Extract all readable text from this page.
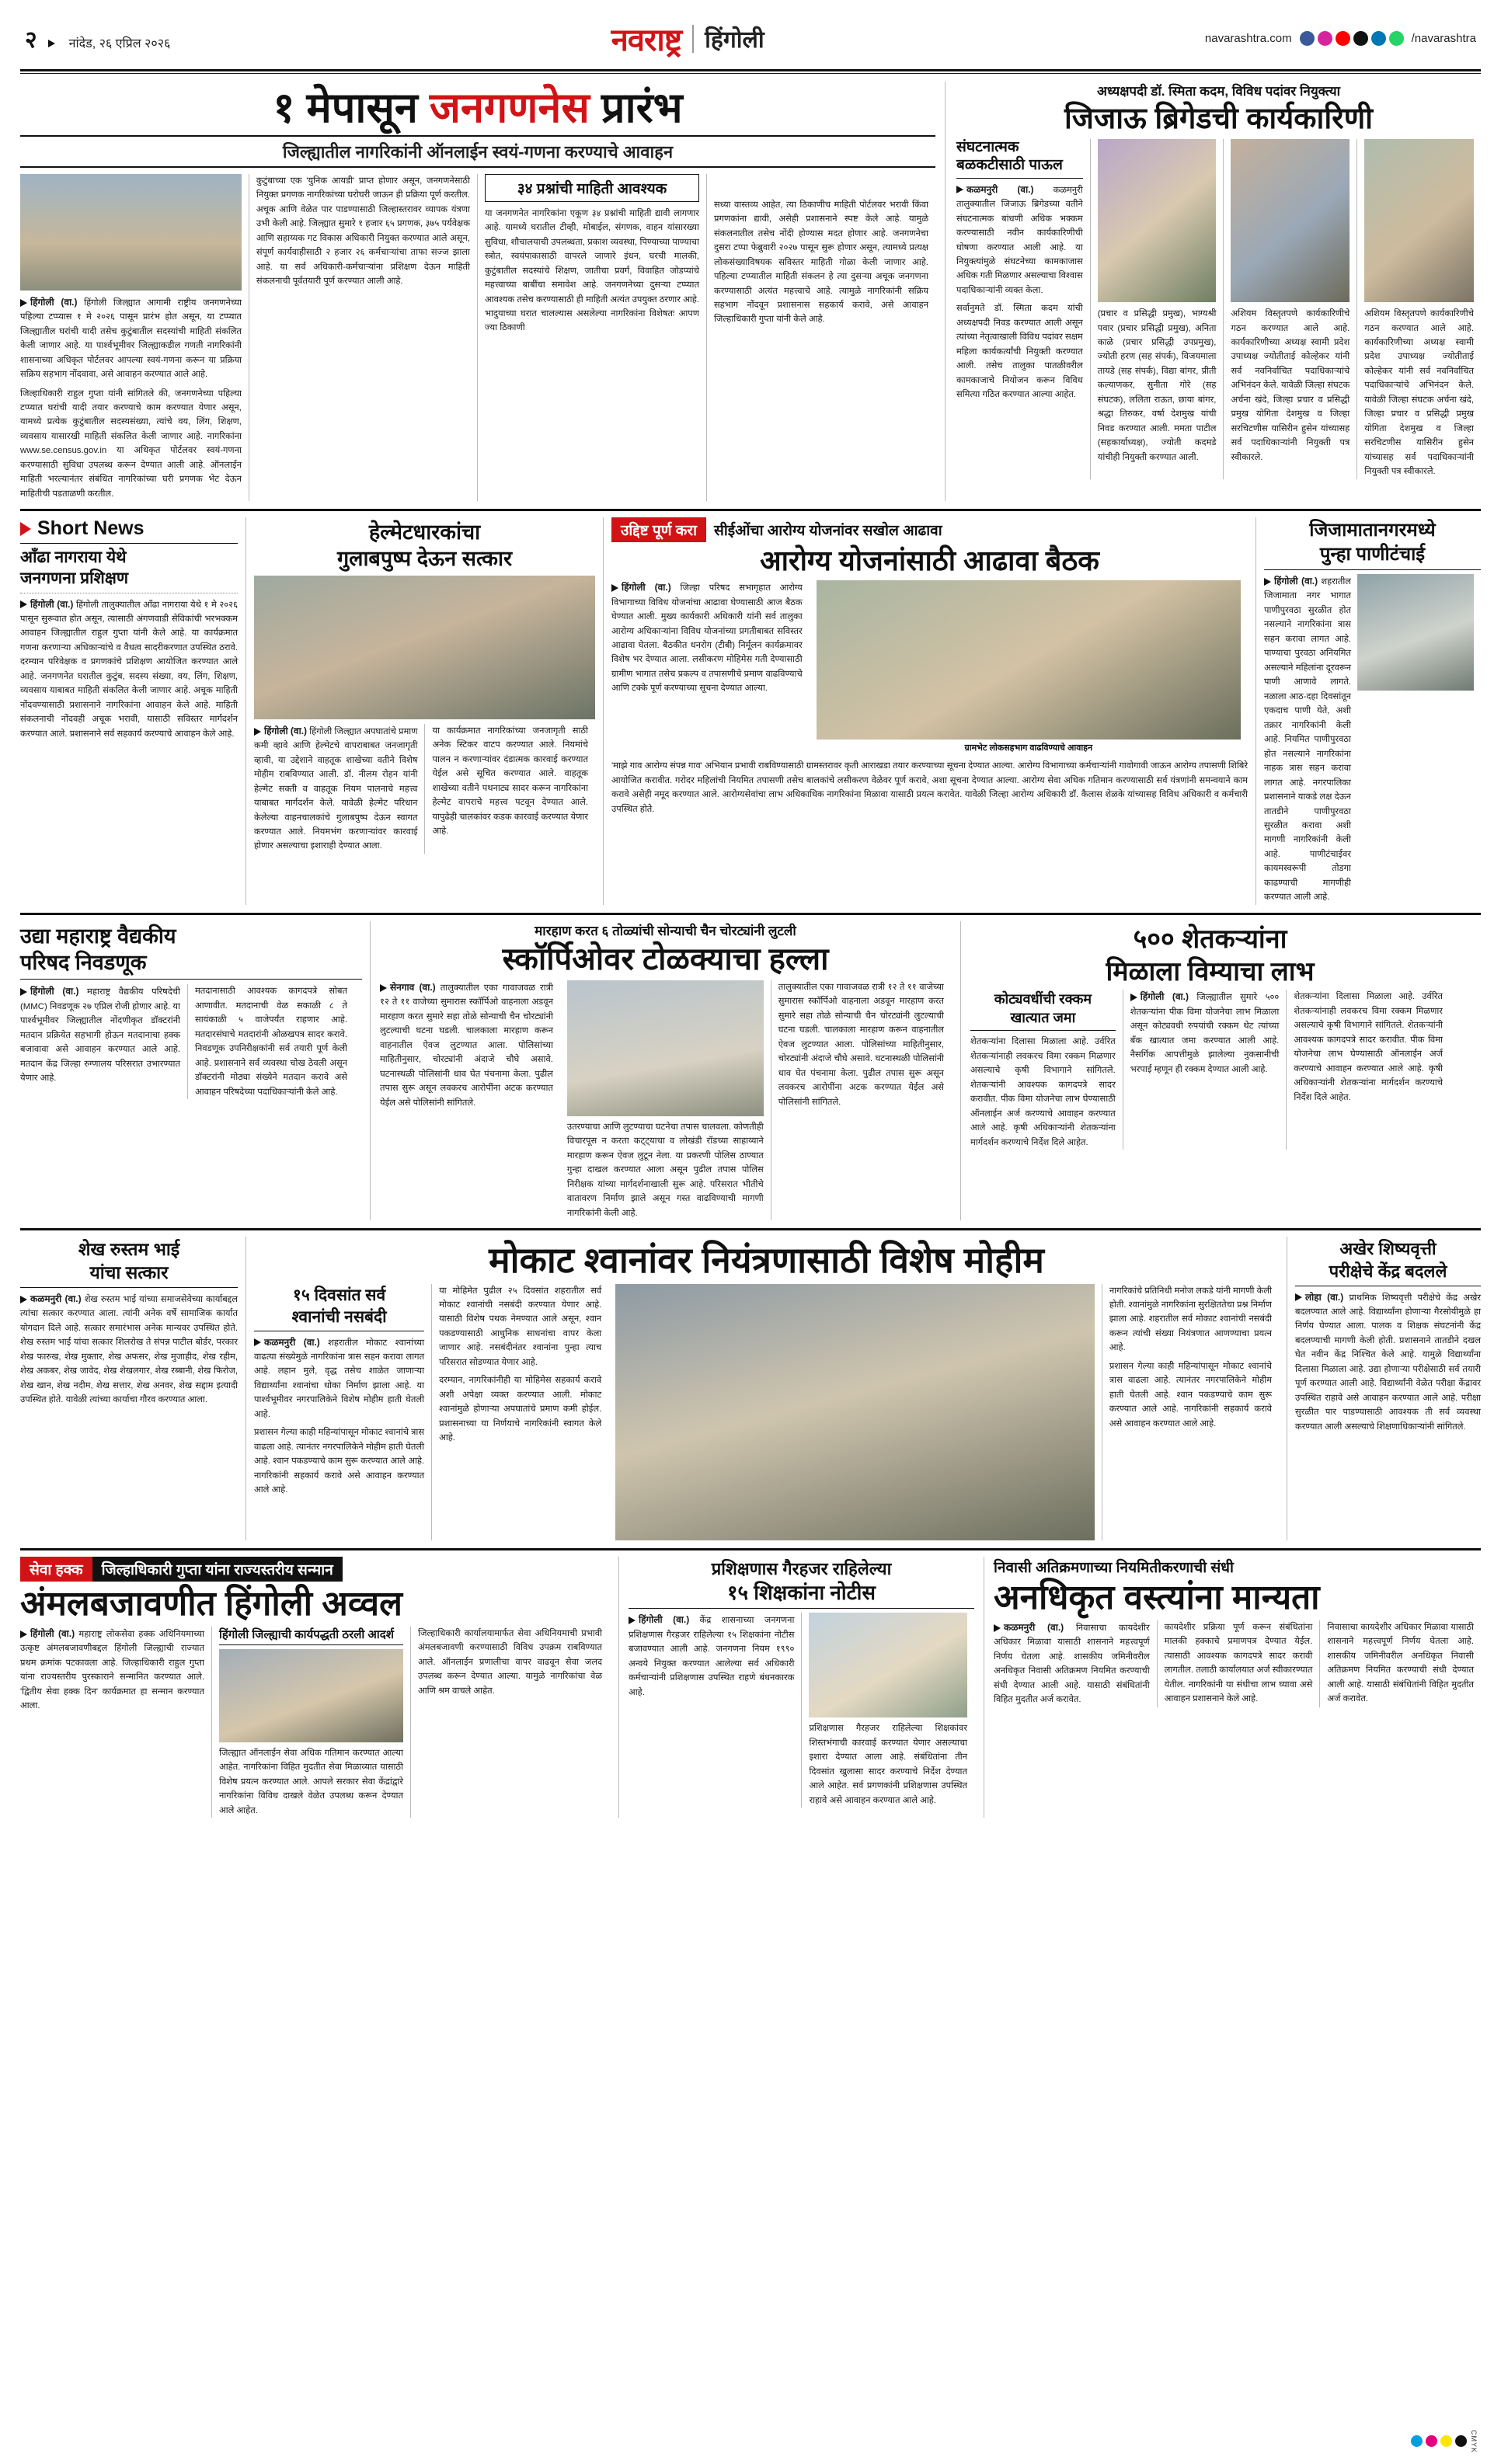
२	नांदेड, २६ एप्रिल २०२६	नवराष्ट्र हिंगोली	navarashtra.com	/navarashtra
१ मेपासून जनगणनेस प्रारंभ
जिल्ह्यातील नागरिकांनी ऑनलाईन स्वयं-गणना करण्याचे आवाहन
हिंगोली (वा.) हिंगोली जिल्ह्यात आगामी राष्ट्रीय जनगणनेच्या पहिल्या टप्प्यास १ मे २०२६ पासून प्रारंभ होत असून, या टप्प्यात जिल्ह्यातील घरांची यादी तसेच कुटुंबातील सदस्यांची माहिती संकलित केली जाणार आहे. या पार्श्वभूमीवर जिल्ह्याकडील गणती नागरिकांनी शासनाच्या अधिकृत पोर्टलवर आपल्या स्वयं-गणना करून या प्रक्रिया सक्रिय सहभाग नोंदवावा, असे आवाहन करण्यात आले आहे.
जिल्हाधिकारी राहुल गुप्ता यांनी सांगितले की, जनगणनेच्या पहिल्या टप्प्यात घरांची यादी तयार करण्याचे काम करण्यात येणार असून, यामध्ये प्रत्येक कुटुंबातील सदस्यसंख्या, त्यांचे वय, लिंग, शिक्षण, व्यवसाय यासारखी माहिती संकलित केली जाणार आहे. नागरिकांना www.se.census.gov.in या अधिकृत पोर्टलवर स्वयं-गणना करण्यासाठी सुविधा उपलब्ध करून देण्यात आली आहे. ऑनलाईन माहिती भरल्यानंतर संबंधित नागरिकांच्या घरी प्रगणक भेट देऊन माहितीची पडताळणी करतील.
कुटुंबाच्या एक 'युनिक आयडी' प्राप्त होणार असून, जनगणनेसाठी नियुक्त प्रगणक नागरिकांच्या घरोघरी जाऊन ही प्रक्रिया पूर्ण करतील. अचूक आणि वेळेत पार पाडण्यासाठी जिल्हास्तरावर व्यापक यंत्रणा उभी केली आहे. जिल्ह्यात सुमारे १ हजार ६५ प्रगणक, ३७५ पर्यवेक्षक आणि सहाय्यक गट विकास अधिकारी नियुक्त करण्यात आले असून, संपूर्ण कार्यवाहीसाठी २ हजार २६ कर्मचाऱ्यांचा ताफा सज्ज झाला आहे. या सर्व अधिकारी-कर्मचाऱ्यांना प्रशिक्षण देऊन माहिती संकलनाची पूर्वतयारी पूर्ण करण्यात आली आहे.
३४ प्रश्नांची माहिती आवश्यक
या जनगणनेत नागरिकांना एकूण ३४ प्रश्नांची माहिती द्यावी लागणार आहे. यामध्ये घरातील टीव्ही, मोबाईल, संगणक, वाहन यांसारख्या सुविधा, शौचालयाची उपलब्धता, प्रकाश व्यवस्था, पिण्याच्या पाण्याचा स्त्रोत, स्वयंपाकासाठी वापरले जाणारे इंधन, घरची मालकी, कुटुंबातील सदस्यांचे शिक्षण, जातीचा प्रवर्ग, विवाहित जोडप्यांचे महत्त्वाच्या बाबींचा समावेश आहे. जनगणनेच्या दुसऱ्या टप्प्यात आवश्यक तसेच करण्यासाठी ही माहिती अत्यंत उपयुक्त ठरणार आहे. भादुयाच्या घरात चालल्यास असलेल्या नागरिकांना विशेषतः आपण ज्या ठिकाणी
सध्या वास्तव्य आहेत, त्या ठिकाणीच माहिती पोर्टलवर भरावी किंवा प्रगणकांना द्यावी, असेही प्रशासनाने स्पष्ट केले आहे. यामुळे संकलनातील तसेच नोंदी होण्यास मदत होणार आहे. जनगणनेचा दुसरा टप्पा फेब्रुवारी २०२७ पासून सुरू होणार असून, त्यामध्ये प्रत्यक्ष लोकसंख्याविषयक सविस्तर माहिती गोळा केली जाणार आहे. पहिल्या टप्प्यातील माहिती संकलन हे त्या दुसऱ्या अचूक जनगणना करण्यासाठी अत्यंत महत्त्वाचे आहे. त्यामुळे नागरिकांनी सक्रिय सहभाग नोंदवून प्रशासनास सहकार्य करावे, असे आवाहन जिल्हाधिकारी गुप्ता यांनी केले आहे.
अध्यक्षपदी डॉ. स्मिता कदम, विविध पदांवर नियुक्त्या
जिजाऊ ब्रिगेडची कार्यकारिणी
संघटनात्मक
बळकटीसाठी पाऊल
कळमनुरी (वा.) कळमनुरी तालुक्यातील जिजाऊ ब्रिगेडच्या वतीने संघटनात्मक बांधणी अधिक भक्कम करण्यासाठी नवीन कार्यकारिणीची घोषणा करण्यात आली आहे. या नियुक्त्यांमुळे संघटनेच्या कामकाजास अधिक गती मिळणार असल्याचा विश्वास पदाधिकाऱ्यांनी व्यक्त केला.
सर्वानुमते डॉ. स्मिता कदम यांची अध्यक्षपदी निवड करण्यात आली असून त्यांच्या नेतृत्वाखाली विविध पदांवर सक्षम महिला कार्यकर्त्यांची नियुक्ती करण्यात आली. तसेच तालुका पातळीवरील कामकाजाचे नियोजन करून विविध समित्या गठित करण्यात आल्या आहेत.
(प्रचार व प्रसिद्धी प्रमुख), भाग्यश्री पवार (प्रचार प्रसिद्धी प्रमुख), अनिता काळे (प्रचार प्रसिद्धी उपप्रमुख), ज्योती हरण (सह संपर्क), विजयमाला तायडे (सह संपर्क), विद्या बांगर, प्रीती कल्याणकर, सुनीता गोरे (सह संघटक), ललिता राऊत, छाया बांगर, श्रद्धा तिरुकर, वर्षा देशमुख यांची निवड करण्यात आली. ममता पाटील (सहकार्याध्यक्ष), ज्योती कदमडे यांचीही नियुक्ती करण्यात आली.
अशियम विस्तृतपणे कार्यकारिणीचे गठन करण्यात आले आहे. कार्यकारिणीच्या अध्यक्ष स्वामी प्रदेश उपाध्यक्ष ज्योतीताई कोल्हेकर यांनी सर्व नवनिर्वाचित पदाधिकाऱ्यांचे अभिनंदन केले. यावेळी जिल्हा संघटक अर्चना खंदे, जिल्हा प्रचार व प्रसिद्धी प्रमुख योगिता देशमुख व जिल्हा सरचिटणीस यासिरीन हुसेन यांच्यासह सर्व पदाधिकाऱ्यांनी नियुक्ती पत्र स्वीकारले.
अशियम विस्तृतपणे कार्यकारिणीचे गठन करण्यात आले आहे. कार्यकारिणीच्या अध्यक्ष स्वामी प्रदेश उपाध्यक्ष ज्योतीताई कोल्हेकर यांनी सर्व नवनिर्वाचित पदाधिकाऱ्यांचे अभिनंदन केले. यावेळी जिल्हा संघटक अर्चना खंदे, जिल्हा प्रचार व प्रसिद्धी प्रमुख योगिता देशमुख व जिल्हा सरचिटणीस यासिरीन हुसेन यांच्यासह सर्व पदाधिकाऱ्यांनी नियुक्ती पत्र स्वीकारले.
Short News
आँढा नागराया येथे
जनगणना प्रशिक्षण
हिंगोली (वा.) हिंगोली तालुक्यातील आँढा नागराया येथे १ मे २०२६ पासून सुरूवात होत असून, त्यासाठी अंगणवाडी सेविकांची भरभक्कम आवाहन जिल्ह्यातील राहुल गुप्ता यांनी केले आहे. या कार्यक्रमात गणना करणाऱ्या अधिकाऱ्यांचे व वैधत्व सादरीकरणात उपस्थित ठरावे. दरम्यान परिवेक्षक व प्रगणकांचे प्रशिक्षण आयोजित करण्यात आले आहे. जनगणनेत घरातील कुटुंब, सदस्य संख्या, वय, लिंग, शिक्षण, व्यवसाय याबाबत माहिती संकलित केली जाणार आहे. अचूक माहिती नोंदवण्यासाठी प्रशासनाने नागरिकांना आवाहन केले आहे. माहिती संकलनाची नोंदवही अचूक भरावी, यासाठी सविस्तर मार्गदर्शन करण्यात आले. प्रशासनाने सर्व सहकार्य करण्याचे आवाहन केले आहे.
हेल्मेटधारकांचा
गुलाबपुष्प देऊन सत्कार
हिंगोली (वा.) हिंगोली जिल्ह्यात अपघातांचे प्रमाण कमी व्हावे आणि हेल्मेटचे वापराबाबत जनजागृती व्हावी, या उद्देशाने वाहतूक शाखेच्या वतीने विशेष मोहीम राबविण्यात आली. डॉ. नीलम रोहन यांनी हेल्मेट सक्ती व वाहतूक नियम पालनाचे महत्त्व याबाबत मार्गदर्शन केले. यावेळी हेल्मेट परिधान केलेल्या वाहनचालकांचे गुलाबपुष्प देऊन स्वागत करण्यात आले. नियमभंग करणाऱ्यांवर कारवाई होणार असल्याचा इशाराही देण्यात आला.
या कार्यक्रमात नागरिकांच्या जनजागृती साठी अनेक स्टिकर वाटप करण्यात आले. नियमांचे पालन न करणाऱ्यांवर दंडात्मक कारवाई करण्यात येईल असे सूचित करण्यात आले. वाहतूक शाखेच्या वतीने पथनाट्य सादर करून नागरिकांना हेल्मेट वापराचे महत्त्व पटवून देण्यात आले. यापुढेही चालकांवर कडक कारवाई करण्यात येणार आहे.
उद्दिष्ट पूर्ण करा	सीईओंचा आरोग्य योजनांवर सखोल आढावा
आरोग्य योजनांसाठी आढावा बैठक
हिंगोली (वा.) जिल्हा परिषद सभागृहात आरोग्य विभागाच्या विविध योजनांचा आढावा घेण्यासाठी आज बैठक घेण्यात आली. मुख्य कार्यकारी अधिकारी यांनी सर्व तालुका आरोग्य अधिकाऱ्यांना विविध योजनांच्या प्रगतीबाबत सविस्तर आढावा घेतला. बैठकीत धनरोग (टीबी) निर्मूलन कार्यक्रमावर विशेष भर देण्यात आला. लसीकरण मोहिमेस गती देण्यासाठी ग्रामीण भागात तसेच प्रकल्प व तपासणीचे प्रमाण वाढविण्याचे आणि टक्के पूर्ण करण्याच्या सूचना देण्यात आल्या.
ग्रामभेट लोकसहभाग वाढविण्याचे आवाहन
'माझे गाव आरोग्य संपन्न गाव' अभियान प्रभावी राबविण्यासाठी ग्रामस्तरावर कृती आराखडा तयार करण्याच्या सूचना देण्यात आल्या. आरोग्य विभागाच्या कर्मचाऱ्यांनी गावोगावी जाऊन आरोग्य तपासणी शिबिरे आयोजित करावीत. गरोदर महिलांची नियमित तपासणी तसेच बालकांचे लसीकरण वेळेवर पूर्ण करावे, अशा सूचना देण्यात आल्या. आरोग्य सेवा अधिक गतिमान करण्यासाठी सर्व यंत्रणांनी समन्वयाने काम करावे असेही नमूद करण्यात आले. आरोग्यसेवांचा लाभ अधिकाधिक नागरिकांना मिळावा यासाठी प्रयत्न करावेत. यावेळी जिल्हा आरोग्य अधिकारी डॉ. कैलास शेळके यांच्यासह विविध अधिकारी व कर्मचारी उपस्थित होते.
जिजामातानगरमध्ये
पुन्हा पाणीटंचाई
हिंगोली (वा.) शहरातील जिजामाता नगर भागात पाणीपुरवठा सुरळीत होत नसल्याने नागरिकांना त्रास सहन करावा लागत आहे. पाण्याचा पुरवठा अनियमित असल्याने महिलांना दूरवरून पाणी आणावे लागते. नळाला आठ-दहा दिवसांतून एकदाच पाणी येते, अशी तक्रार नागरिकांनी केली आहे. नियमित पाणीपुरवठा होत नसल्याने नागरिकांना नाहक त्रास सहन करावा लागत आहे. नगरपालिका प्रशासनाने याकडे लक्ष देऊन तातडीने पाणीपुरवठा सुरळीत करावा अशी मागणी नागरिकांनी केली आहे. पाणीटंचाईवर कायमस्वरूपी तोडगा काढण्याची मागणीही करण्यात आली आहे.
उद्या महाराष्ट्र वैद्यकीय
परिषद निवडणूक
हिंगोली (वा.) महाराष्ट्र वैद्यकीय परिषदेची (MMC) निवडणूक २७ एप्रिल रोजी होणार आहे. या पार्श्वभूमीवर जिल्ह्यातील नोंदणीकृत डॉक्टरांनी मतदान प्रक्रियेत सहभागी होऊन मतदानाचा हक्क बजावावा असे आवाहन करण्यात आले आहे. मतदान केंद्र जिल्हा रुग्णालय परिसरात उभारण्यात येणार आहे.
मतदानासाठी आवश्यक कागदपत्रे सोबत आणावीत. मतदानाची वेळ सकाळी ८ ते सायंकाळी ५ वाजेपर्यंत राहणार आहे. मतदारसंघाचे मतदारांनी ओळखपत्र सादर करावे. निवडणूक उपनिरीक्षकांनी सर्व तयारी पूर्ण केली आहे. प्रशासनाने सर्व व्यवस्था चोख ठेवली असून डॉक्टरांनी मोठ्या संख्येने मतदान करावे असे आवाहन परिषदेच्या पदाधिकाऱ्यांनी केले आहे.
मारहाण करत ६ तोळ्यांची सोन्याची चैन चोरट्यांनी लुटली
स्कॉर्पिओवर टोळक्याचा हल्ला
सेनगाव (वा.) तालुक्यातील एका गावाजवळ रात्री १२ ते ११ वाजेच्या सुमारास स्कॉर्पिओ वाहनाला अडवून मारहाण करत सुमारे सहा तोळे सोन्याची चैन चोरट्यांनी लुटल्याची घटना घडली. चालकाला मारहाण करून वाहनातील ऐवज लुटण्यात आला. पोलिसांच्या माहितीनुसार, चोरट्यांनी अंदाजे चौघे असावे. घटनास्थळी पोलिसांनी धाव घेत पंचनामा केला. पुढील तपास सुरू असून लवकरच आरोपींना अटक करण्यात येईल असे पोलिसांनी सांगितले.
उतरण्याचा आणि लुटण्याचा घटनेचा तपास चालवला. कोणतीही विचारपूस न करता कट्ट्याचा व लोखंडी रॉडच्या साहाय्याने मारहाण करून ऐवज लुटून नेला. या प्रकरणी पोलिस ठाण्यात गुन्हा दाखल करण्यात आला असून पुढील तपास पोलिस निरीक्षक यांच्या मार्गदर्शनाखाली सुरू आहे. परिसरात भीतीचे वातावरण निर्माण झाले असून गस्त वाढविण्याची मागणी नागरिकांनी केली आहे.
तालुक्यातील एका गावाजवळ रात्री १२ ते ११ वाजेच्या सुमारास स्कॉर्पिओ वाहनाला अडवून मारहाण करत सुमारे सहा तोळे सोन्याची चैन चोरट्यांनी लुटल्याची घटना घडली. चालकाला मारहाण करून वाहनातील ऐवज लुटण्यात आला. पोलिसांच्या माहितीनुसार, चोरट्यांनी अंदाजे चौघे असावे. घटनास्थळी पोलिसांनी धाव घेत पंचनामा केला. पुढील तपास सुरू असून लवकरच आरोपींना अटक करण्यात येईल असे पोलिसांनी सांगितले.
५०० शेतकऱ्यांना
मिळाला विम्याचा लाभ
कोट्यवधींची रक्कम
खात्यात जमा
शेतकऱ्यांना दिलासा मिळाला आहे. उर्वरित शेतकऱ्यांनाही लवकरच विमा रक्कम मिळणार असल्याचे कृषी विभागाने सांगितले. शेतकऱ्यांनी आवश्यक कागदपत्रे सादर करावीत. पीक विमा योजनेचा लाभ घेण्यासाठी ऑनलाईन अर्ज करण्याचे आवाहन करण्यात आले आहे. कृषी अधिकाऱ्यांनी शेतकऱ्यांना मार्गदर्शन करण्याचे निर्देश दिले आहेत.
हिंगोली (वा.) जिल्ह्यातील सुमारे ५०० शेतकऱ्यांना पीक विमा योजनेचा लाभ मिळाला असून कोट्यवधी रुपयांची रक्कम थेट त्यांच्या बँक खात्यात जमा करण्यात आली आहे. नैसर्गिक आपत्तीमुळे झालेल्या नुकसानीची भरपाई म्हणून ही रक्कम देण्यात आली आहे.
शेतकऱ्यांना दिलासा मिळाला आहे. उर्वरित शेतकऱ्यांनाही लवकरच विमा रक्कम मिळणार असल्याचे कृषी विभागाने सांगितले. शेतकऱ्यांनी आवश्यक कागदपत्रे सादर करावीत. पीक विमा योजनेचा लाभ घेण्यासाठी ऑनलाईन अर्ज करण्याचे आवाहन करण्यात आले आहे. कृषी अधिकाऱ्यांनी शेतकऱ्यांना मार्गदर्शन करण्याचे निर्देश दिले आहेत.
शेख रुस्तम भाई
यांचा सत्कार
कळमनुरी (वा.) शेख रुस्तम भाई यांच्या समाजसेवेच्या कार्याबद्दल त्यांचा सत्कार करण्यात आला. त्यांनी अनेक वर्षे सामाजिक कार्यात योगदान दिले आहे. सत्कार समारंभास अनेक मान्यवर उपस्थित होते. शेख रुस्तम भाई यांचा सत्कार शिलरोख ते संपन्न पाटील बोर्डर, परकार शेख फारुख, शेख मुक्तार, शेख अफसर, शेख मुजाहीद, शेख रहीम, शेख अकबर, शेख जावेद, शेख शेखलगार, शेख रब्बानी, शेख फिरोज, शेख खान, शेख नदीम, शेख सत्तार, शेख अनवर, शेख सद्दाम इत्यादी उपस्थित होते. यावेळी त्यांच्या कार्याचा गौरव करण्यात आला.
मोकाट श्वानांवर नियंत्रणासाठी विशेष मोहीम
१५ दिवसांत सर्व
श्वानांची नसबंदी
कळमनुरी (वा.) शहरातील मोकाट श्वानांच्या वाढत्या संख्येमुळे नागरिकांना त्रास सहन करावा लागत आहे. लहान मुले, वृद्ध तसेच शाळेत जाणाऱ्या विद्यार्थ्यांना श्वानांचा धोका निर्माण झाला आहे. या पार्श्वभूमीवर नगरपालिकेने विशेष मोहीम हाती घेतली आहे.
प्रशासन गेल्या काही महिन्यांपासून मोकाट श्वानांचे त्रास वाढला आहे. त्यानंतर नगरपालिकेने मोहीम हाती घेतली आहे. श्वान पकडण्याचे काम सुरू करण्यात आले आहे. नागरिकांनी सहकार्य करावे असे आवाहन करण्यात आले आहे.
या मोहिमेत पुढील २५ दिवसांत शहरातील सर्व मोकाट श्वानांची नसबंदी करण्यात येणार आहे. यासाठी विशेष पथक नेमण्यात आले असून, श्वान पकडण्यासाठी आधुनिक साधनांचा वापर केला जाणार आहे. नसबंदीनंतर श्वानांना पुन्हा त्याच परिसरात सोडण्यात येणार आहे.
दरम्यान, नागरिकांनीही या मोहिमेस सहकार्य करावे अशी अपेक्षा व्यक्त करण्यात आली. मोकाट श्वानांमुळे होणाऱ्या अपघातांचे प्रमाण कमी होईल. प्रशासनाच्या या निर्णयाचे नागरिकांनी स्वागत केले आहे.
नागरिकांचे प्रतिनिधी मनोज लकडे यांनी मागणी केली होती. श्वानांमुळे नागरिकांना सुरक्षिततेचा प्रश्न निर्माण झाला आहे. शहरातील सर्व मोकाट श्वानांची नसबंदी करून त्यांची संख्या नियंत्रणात आणण्याचा प्रयत्न आहे.
प्रशासन गेल्या काही महिन्यांपासून मोकाट श्वानांचे त्रास वाढला आहे. त्यानंतर नगरपालिकेने मोहीम हाती घेतली आहे. श्वान पकडण्याचे काम सुरू करण्यात आले आहे. नागरिकांनी सहकार्य करावे असे आवाहन करण्यात आले आहे.
अखेर शिष्यवृत्ती
परीक्षेचे केंद्र बदलले
लोहा (वा.) प्राथमिक शिष्यवृत्ती परीक्षेचे केंद्र अखेर बदलण्यात आले आहे. विद्यार्थ्यांना होणाऱ्या गैरसोयीमुळे हा निर्णय घेण्यात आला. पालक व शिक्षक संघटनांनी केंद्र बदलण्याची मागणी केली होती. प्रशासनाने तातडीने दखल घेत नवीन केंद्र निश्चित केले आहे. यामुळे विद्यार्थ्यांना दिलासा मिळाला आहे. उद्या होणाऱ्या परीक्षेसाठी सर्व तयारी पूर्ण करण्यात आली आहे. विद्यार्थ्यांनी वेळेत परीक्षा केंद्रावर उपस्थित राहावे असे आवाहन करण्यात आले आहे. परीक्षा सुरळीत पार पाडण्यासाठी आवश्यक ती सर्व व्यवस्था करण्यात आली असल्याचे शिक्षणाधिकाऱ्यांनी सांगितले.
सेवा हक्क	जिल्हाधिकारी गुप्ता यांना राज्यस्तरीय सन्मान
अंमलबजावणीत हिंगोली अव्वल
हिंगोली (वा.) महाराष्ट्र लोकसेवा हक्क अधिनियमाच्या उत्कृष्ट अंमलबजावणीबद्दल हिंगोली जिल्ह्याची राज्यात प्रथम क्रमांक पटकावला आहे. जिल्हाधिकारी राहुल गुप्ता यांना राज्यस्तरीय पुरस्काराने सन्मानित करण्यात आले. 'द्वितीय सेवा हक्क दिन' कार्यक्रमात हा सन्मान करण्यात आला.
हिंगोली जिल्ह्याची कार्यपद्धती ठरली आदर्श
जिल्ह्यात ऑनलाईन सेवा अधिक गतिमान करण्यात आल्या आहेत. नागरिकांना विहित मुदतीत सेवा मिळाव्यात यासाठी विशेष प्रयत्न करण्यात आले. आपले सरकार सेवा केंद्रांद्वारे नागरिकांना विविध दाखले वेळेत उपलब्ध करून देण्यात आले आहेत.
जिल्हाधिकारी कार्यालयामार्फत सेवा अधिनियमाची प्रभावी अंमलबजावणी करण्यासाठी विविध उपक्रम राबविण्यात आले. ऑनलाईन प्रणालीचा वापर वाढवून सेवा जलद उपलब्ध करून देण्यात आल्या. यामुळे नागरिकांचा वेळ आणि श्रम वाचले आहेत.
प्रशिक्षणास गैरहजर राहिलेल्या
१५ शिक्षकांना नोटीस
हिंगोली (वा.) केंद्र शासनाच्या जनगणना प्रशिक्षणास गैरहजर राहिलेल्या १५ शिक्षकांना नोटीस बजावण्यात आली आहे. जनगणना नियम १९९० अन्वये नियुक्त करण्यात आलेल्या सर्व अधिकारी कर्मचाऱ्यांनी प्रशिक्षणास उपस्थित राहणे बंधनकारक आहे.
प्रशिक्षणास गैरहजर राहिलेल्या शिक्षकांवर शिस्तभंगाची कारवाई करण्यात येणार असल्याचा इशारा देण्यात आला आहे. संबंधितांना तीन दिवसांत खुलासा सादर करण्याचे निर्देश देण्यात आले आहेत. सर्व प्रगणकांनी प्रशिक्षणास उपस्थित राहावे असे आवाहन करण्यात आले आहे.
निवासी अतिक्रमणाच्या नियमितीकरणाची संधी
अनधिकृत वस्त्यांना मान्यता
कळमनुरी (वा.) निवासाचा कायदेशीर अधिकार मिळावा यासाठी शासनाने महत्त्वपूर्ण निर्णय घेतला आहे. शासकीय जमिनीवरील अनधिकृत निवासी अतिक्रमण नियमित करण्याची संधी देण्यात आली आहे. यासाठी संबंधितांनी विहित मुदतीत अर्ज करावेत.
कायदेशीर प्रक्रिया पूर्ण करून संबंधितांना मालकी हक्काचे प्रमाणपत्र देण्यात येईल. त्यासाठी आवश्यक कागदपत्रे सादर करावी लागतील. तलाठी कार्यालयात अर्ज स्वीकारण्यात येतील. नागरिकांनी या संधीचा लाभ घ्यावा असे आवाहन प्रशासनाने केले आहे.
निवासाचा कायदेशीर अधिकार मिळावा यासाठी शासनाने महत्त्वपूर्ण निर्णय घेतला आहे. शासकीय जमिनीवरील अनधिकृत निवासी अतिक्रमण नियमित करण्याची संधी देण्यात आली आहे. यासाठी संबंधितांनी विहित मुदतीत अर्ज करावेत.
CMYK
